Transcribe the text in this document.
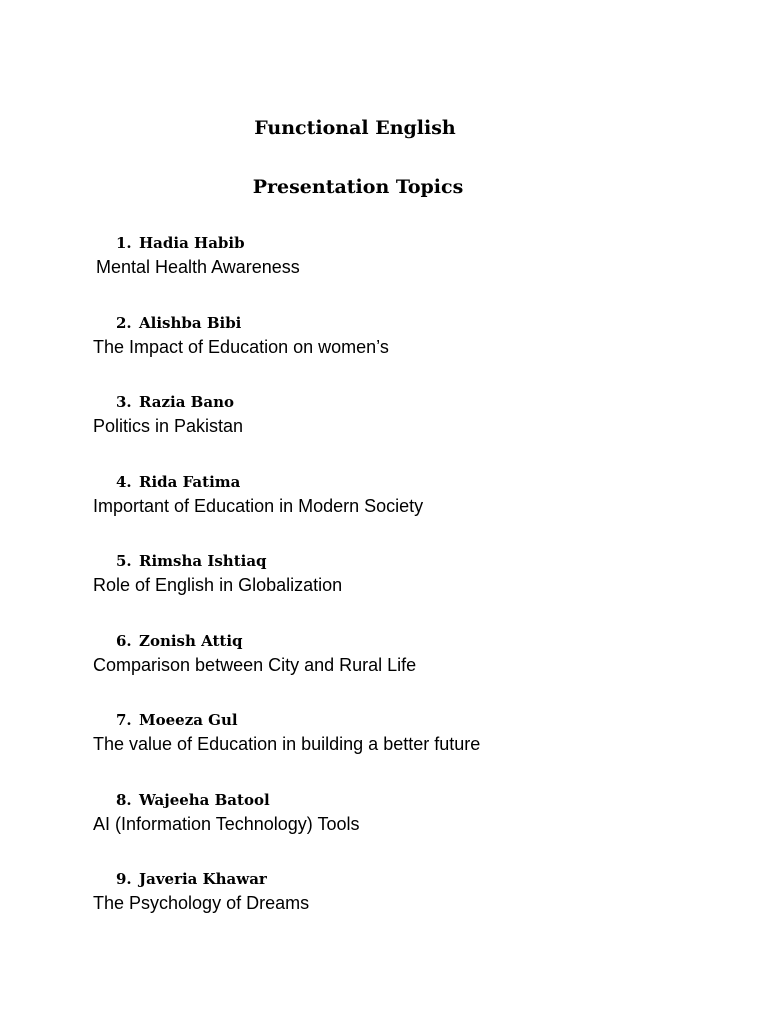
Functional English
Presentation Topics
1. Hadia Habib
Mental Health Awareness
2. Alishba Bibi
The Impact of Education on women’s
3. Razia Bano
Politics in Pakistan
4. Rida Fatima
Important of Education in Modern Society
5. Rimsha Ishtiaq
Role of English in Globalization
6. Zonish Attiq
Comparison between City and Rural Life
7. Moeeza Gul
The value of Education in building a better future
8. Wajeeha Batool
AI (Information Technology) Tools
9. Javeria Khawar
The Psychology of Dreams
